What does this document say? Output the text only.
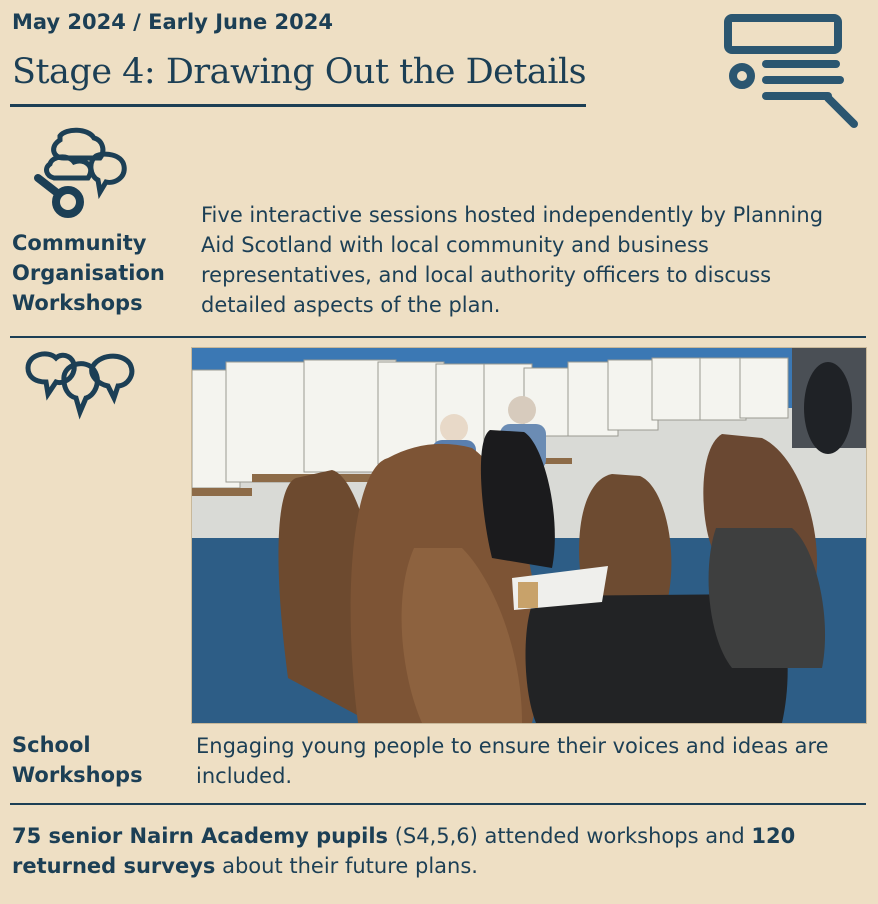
May 2024 / Early June 2024
Stage 4: Drawing Out the Details
Community
Organisation
Workshops
Five interactive sessions hosted independently by Planning Aid Scotland with local community and business representatives, and local authority officers to discuss detailed aspects of the plan.
School
Workshops
Engaging young people to ensure their voices and ideas are included.
75 senior Nairn Academy pupils (S4,5,6) attended workshops and 120 returned surveys about their future plans.
